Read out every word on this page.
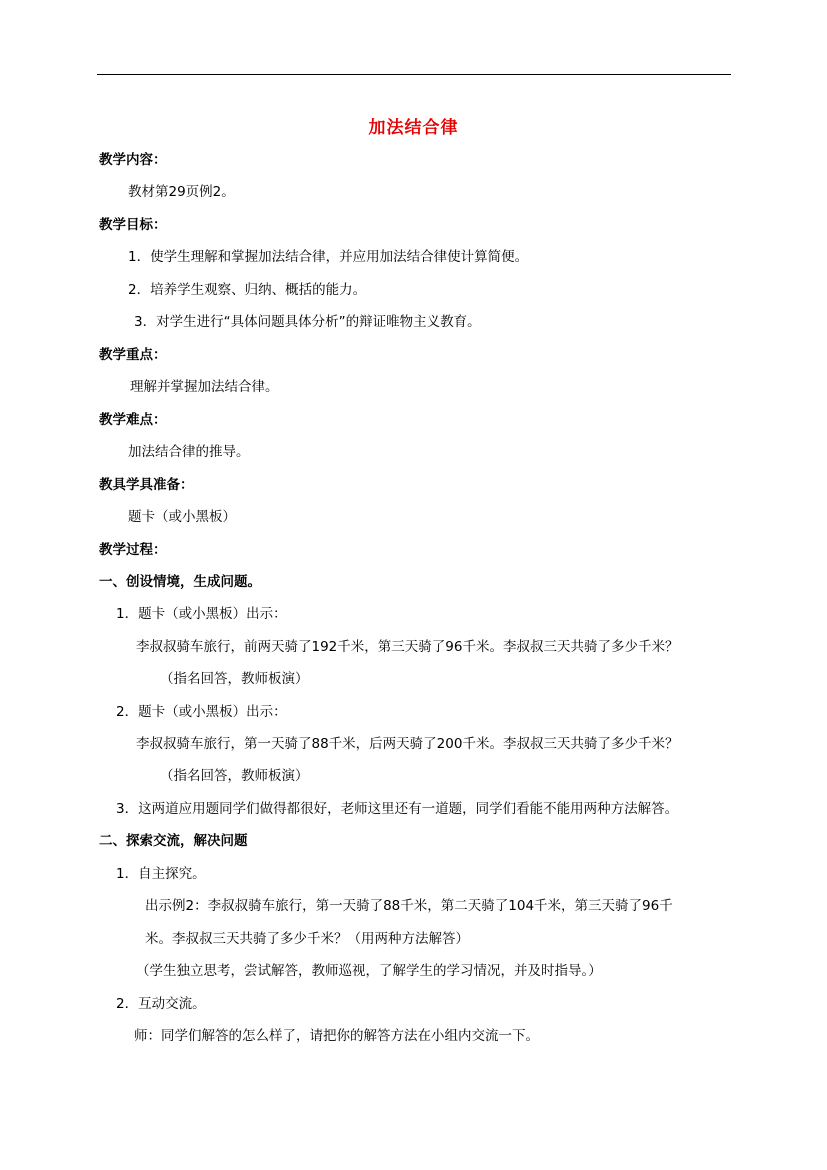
加法结合律
教学内容：
教材第29页例2。
教学目标：
1．使学生理解和掌握加法结合律，并应用加法结合律使计算简便。
2．培养学生观察、归纳、概括的能力。
3．对学生进行“具体问题具体分析”的辩证唯物主义教育。
教学重点：
理解并掌握加法结合律。
教学难点：
加法结合律的推导。
教具学具准备：
题卡（或小黑板）
教学过程：
一、创设情境，生成问题。
1．题卡（或小黑板）出示：
李叔叔骑车旅行，前两天骑了192千米，第三天骑了96千米。李叔叔三天共骑了多少千米？
（指名回答，教师板演）
2．题卡（或小黑板）出示：
李叔叔骑车旅行，第一天骑了88千米，后两天骑了200千米。李叔叔三天共骑了多少千米？
（指名回答，教师板演）
3．这两道应用题同学们做得都很好，老师这里还有一道题，同学们看能不能用两种方法解答。
二、探索交流，解决问题
1．自主探究。
出示例2：李叔叔骑车旅行，第一天骑了88千米，第二天骑了104千米，第三天骑了96千
米。李叔叔三天共骑了多少千米？（用两种方法解答）
（学生独立思考，尝试解答，教师巡视，了解学生的学习情况，并及时指导。）
2．互动交流。
师：同学们解答的怎么样了，请把你的解答方法在小组内交流一下。
